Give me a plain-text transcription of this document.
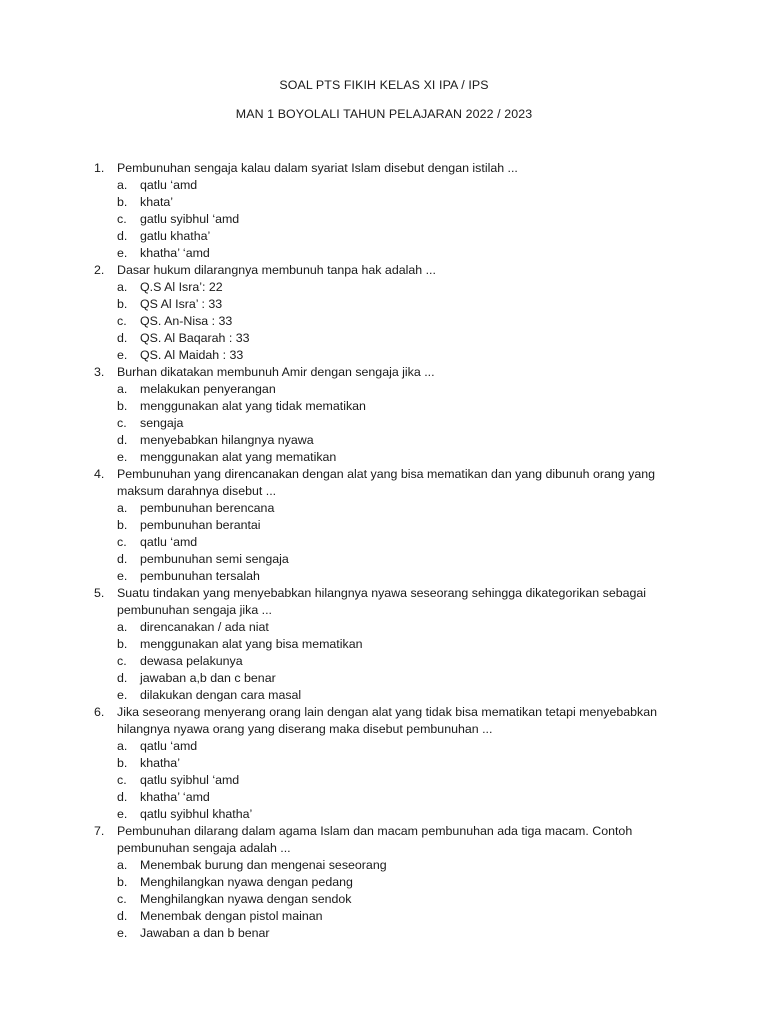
SOAL PTS FIKIH KELAS XI IPA / IPS
MAN 1 BOYOLALI TAHUN PELAJARAN 2022 / 2023
1. Pembunuhan sengaja kalau dalam syariat Islam disebut dengan istilah ...
a. qatlu ‘amd
b. khata’
c. gatlu syibhul ‘amd
d. gatlu khatha’
e. khatha’ ‘amd
2. Dasar hukum dilarangnya membunuh tanpa hak adalah ...
a. Q.S Al Isra’: 22
b. QS Al Isra’ : 33
c. QS. An-Nisa : 33
d. QS. Al Baqarah : 33
e. QS. Al Maidah : 33
3. Burhan dikatakan membunuh Amir dengan sengaja jika ...
a. melakukan penyerangan
b. menggunakan alat yang tidak mematikan
c. sengaja
d. menyebabkan hilangnya nyawa
e. menggunakan alat yang mematikan
4. Pembunuhan yang direncanakan dengan alat yang bisa mematikan dan yang dibunuh orang yang maksum darahnya disebut ...
a. pembunuhan berencana
b. pembunuhan berantai
c. qatlu ‘amd
d. pembunuhan semi sengaja
e. pembunuhan tersalah
5. Suatu tindakan yang menyebabkan hilangnya nyawa seseorang sehingga dikategorikan sebagai pembunuhan sengaja jika ...
a. direncanakan / ada niat
b. menggunakan alat yang bisa mematikan
c. dewasa pelakunya
d. jawaban a,b dan c benar
e. dilakukan dengan cara masal
6. Jika seseorang menyerang orang lain dengan alat yang tidak bisa mematikan tetapi menyebabkan hilangnya nyawa orang yang diserang maka disebut pembunuhan ...
a. qatlu ‘amd
b. khatha’
c. qatlu syibhul ‘amd
d. khatha’ ‘amd
e. qatlu syibhul khatha’
7. Pembunuhan dilarang dalam agama Islam dan macam pembunuhan ada tiga macam. Contoh pembunuhan sengaja adalah ...
a. Menembak burung dan mengenai seseorang
b. Menghilangkan nyawa dengan pedang
c. Menghilangkan nyawa dengan sendok
d. Menembak dengan pistol mainan
e. Jawaban a dan b benar
